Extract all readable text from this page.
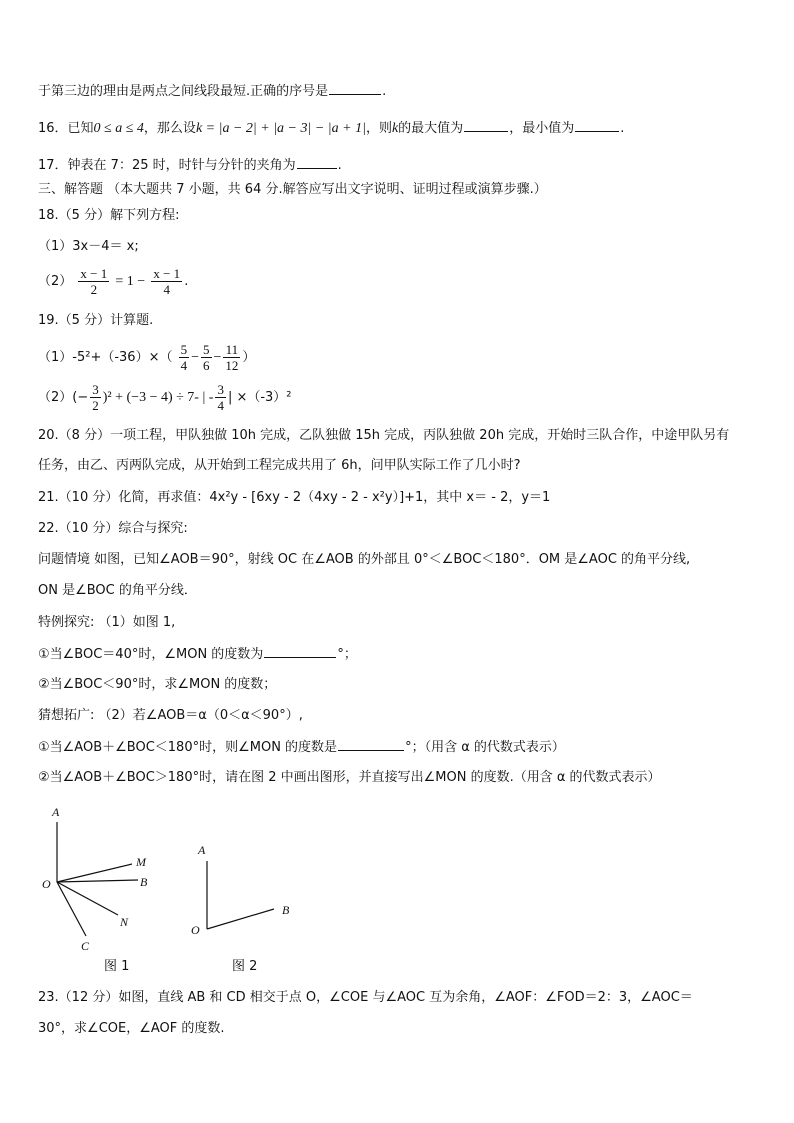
于第三边的理由是两点之间线段最短.正确的序号是	.
16．已知0 ≤ a ≤ 4，那么设k = |a − 2| + |a − 3| − |a + 1|，则k的最大值为	，最小值为	.
17．钟表在 7：25 时，时针与分针的夹角为	.
三、解答题 （本大题共 7 小题，共 64 分.解答应写出文字说明、证明过程或演算步骤.）
18.（5 分）解下列方程:
（1）3x－4＝ x;
$(2) \frac{x - 1}{2} = 1 - \frac{x - 1}{4}$ .
19.（5 分）计算题.
$(1)-5^2+(-36)\times( \frac{5}{4} - \frac{5}{6} - \frac{11}{12}$ ）
$(2)(- \frac{3}{2} )^2 + (-3 - 4) \div 7-$ | - $\frac{3}{4}$ | ×（-3）²
20.（8 分）一项工程，甲队独做 10h 完成，乙队独做 15h 完成，丙队独做 20h 完成，开始时三队合作，中途甲队另有
任务，由乙、丙两队完成，从开始到工程完成共用了 6h，问甲队实际工作了几小时?
21.（10 分）化简，再求值：4x²y - [6xy - 2（4xy - 2 - x²y）]+1，其中 x＝ - 2，y＝1
22.（10 分）综合与探究:
问题情境 如图，已知∠AOB＝90°，射线 OC 在∠AOB 的外部且 0°＜∠BOC＜180°．OM 是∠AOC 的角平分线,
ON 是∠BOC 的角平分线．
特例探究: （1）如图 1,
①当∠BOC＝40°时，∠MON 的度数为	°；
②当∠BOC＜90°时，求∠MON 的度数；
猜想拓广: （2）若∠AOB＝α（0＜α＜90°）,
①当∠AOB＋∠BOC＜180°时，则∠MON 的度数是	°；（用含 α 的代数式表示）
②当∠AOB＋∠BOC＞180°时，请在图 2 中画出图形，并直接写出∠MON 的度数.（用含 α 的代数式表示）
A
O
M
B
N
C
图 1
A
O
B
图 2
23.（12 分）如图，直线 AB 和 CD 相交于点 O，∠COE 与∠AOC 互为余角，∠AOF：∠FOD＝2：3，∠AOC＝
30°，求∠COE，∠AOF 的度数.
